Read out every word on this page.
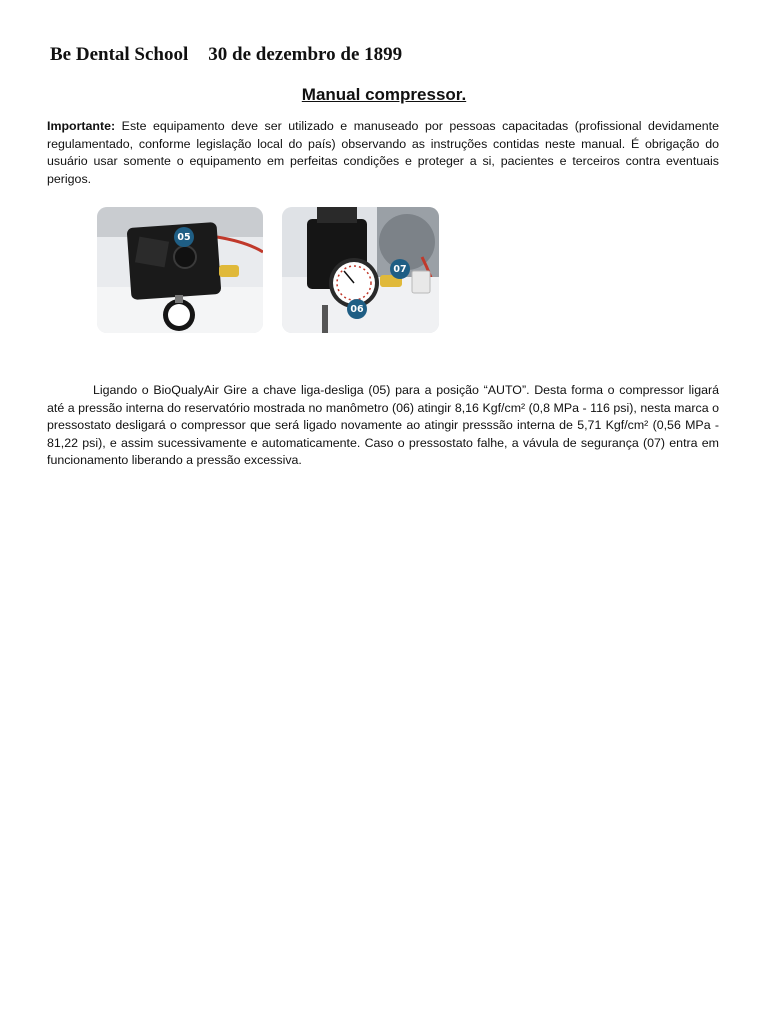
Be Dental School 30 de dezembro de 1899
Manual compressor.

Importante: Este equipamento deve ser utilizado e manuseado por pessoas capacitadas (profissional devidamente regulamentado, conforme legislação local do país) observando as instruções contidas neste manual. É obrigação do usuário usar somente o equipamento em perfeitas condições e proteger a si, pacientes e terceiros contra eventuais perigos.

05
07
06

Ligando o BioQualyAir Gire a chave liga-desliga (05) para a posição “AUTO”. Desta forma o compressor ligará até a pressão interna do reservatório mostrada no manômetro (06) atingir 8,16 Kgf/cm² (0,8 MPa - 116 psi), nesta marca o pressostato desligará o compressor que será ligado novamente ao atingir presssão interna de 5,71 Kgf/cm² (0,56 MPa - 81,22 psi), e assim sucessivamente e automaticamente. Caso o pressostato falhe, a vávula de segurança (07) entra em funcionamento liberando a pressão excessiva.
